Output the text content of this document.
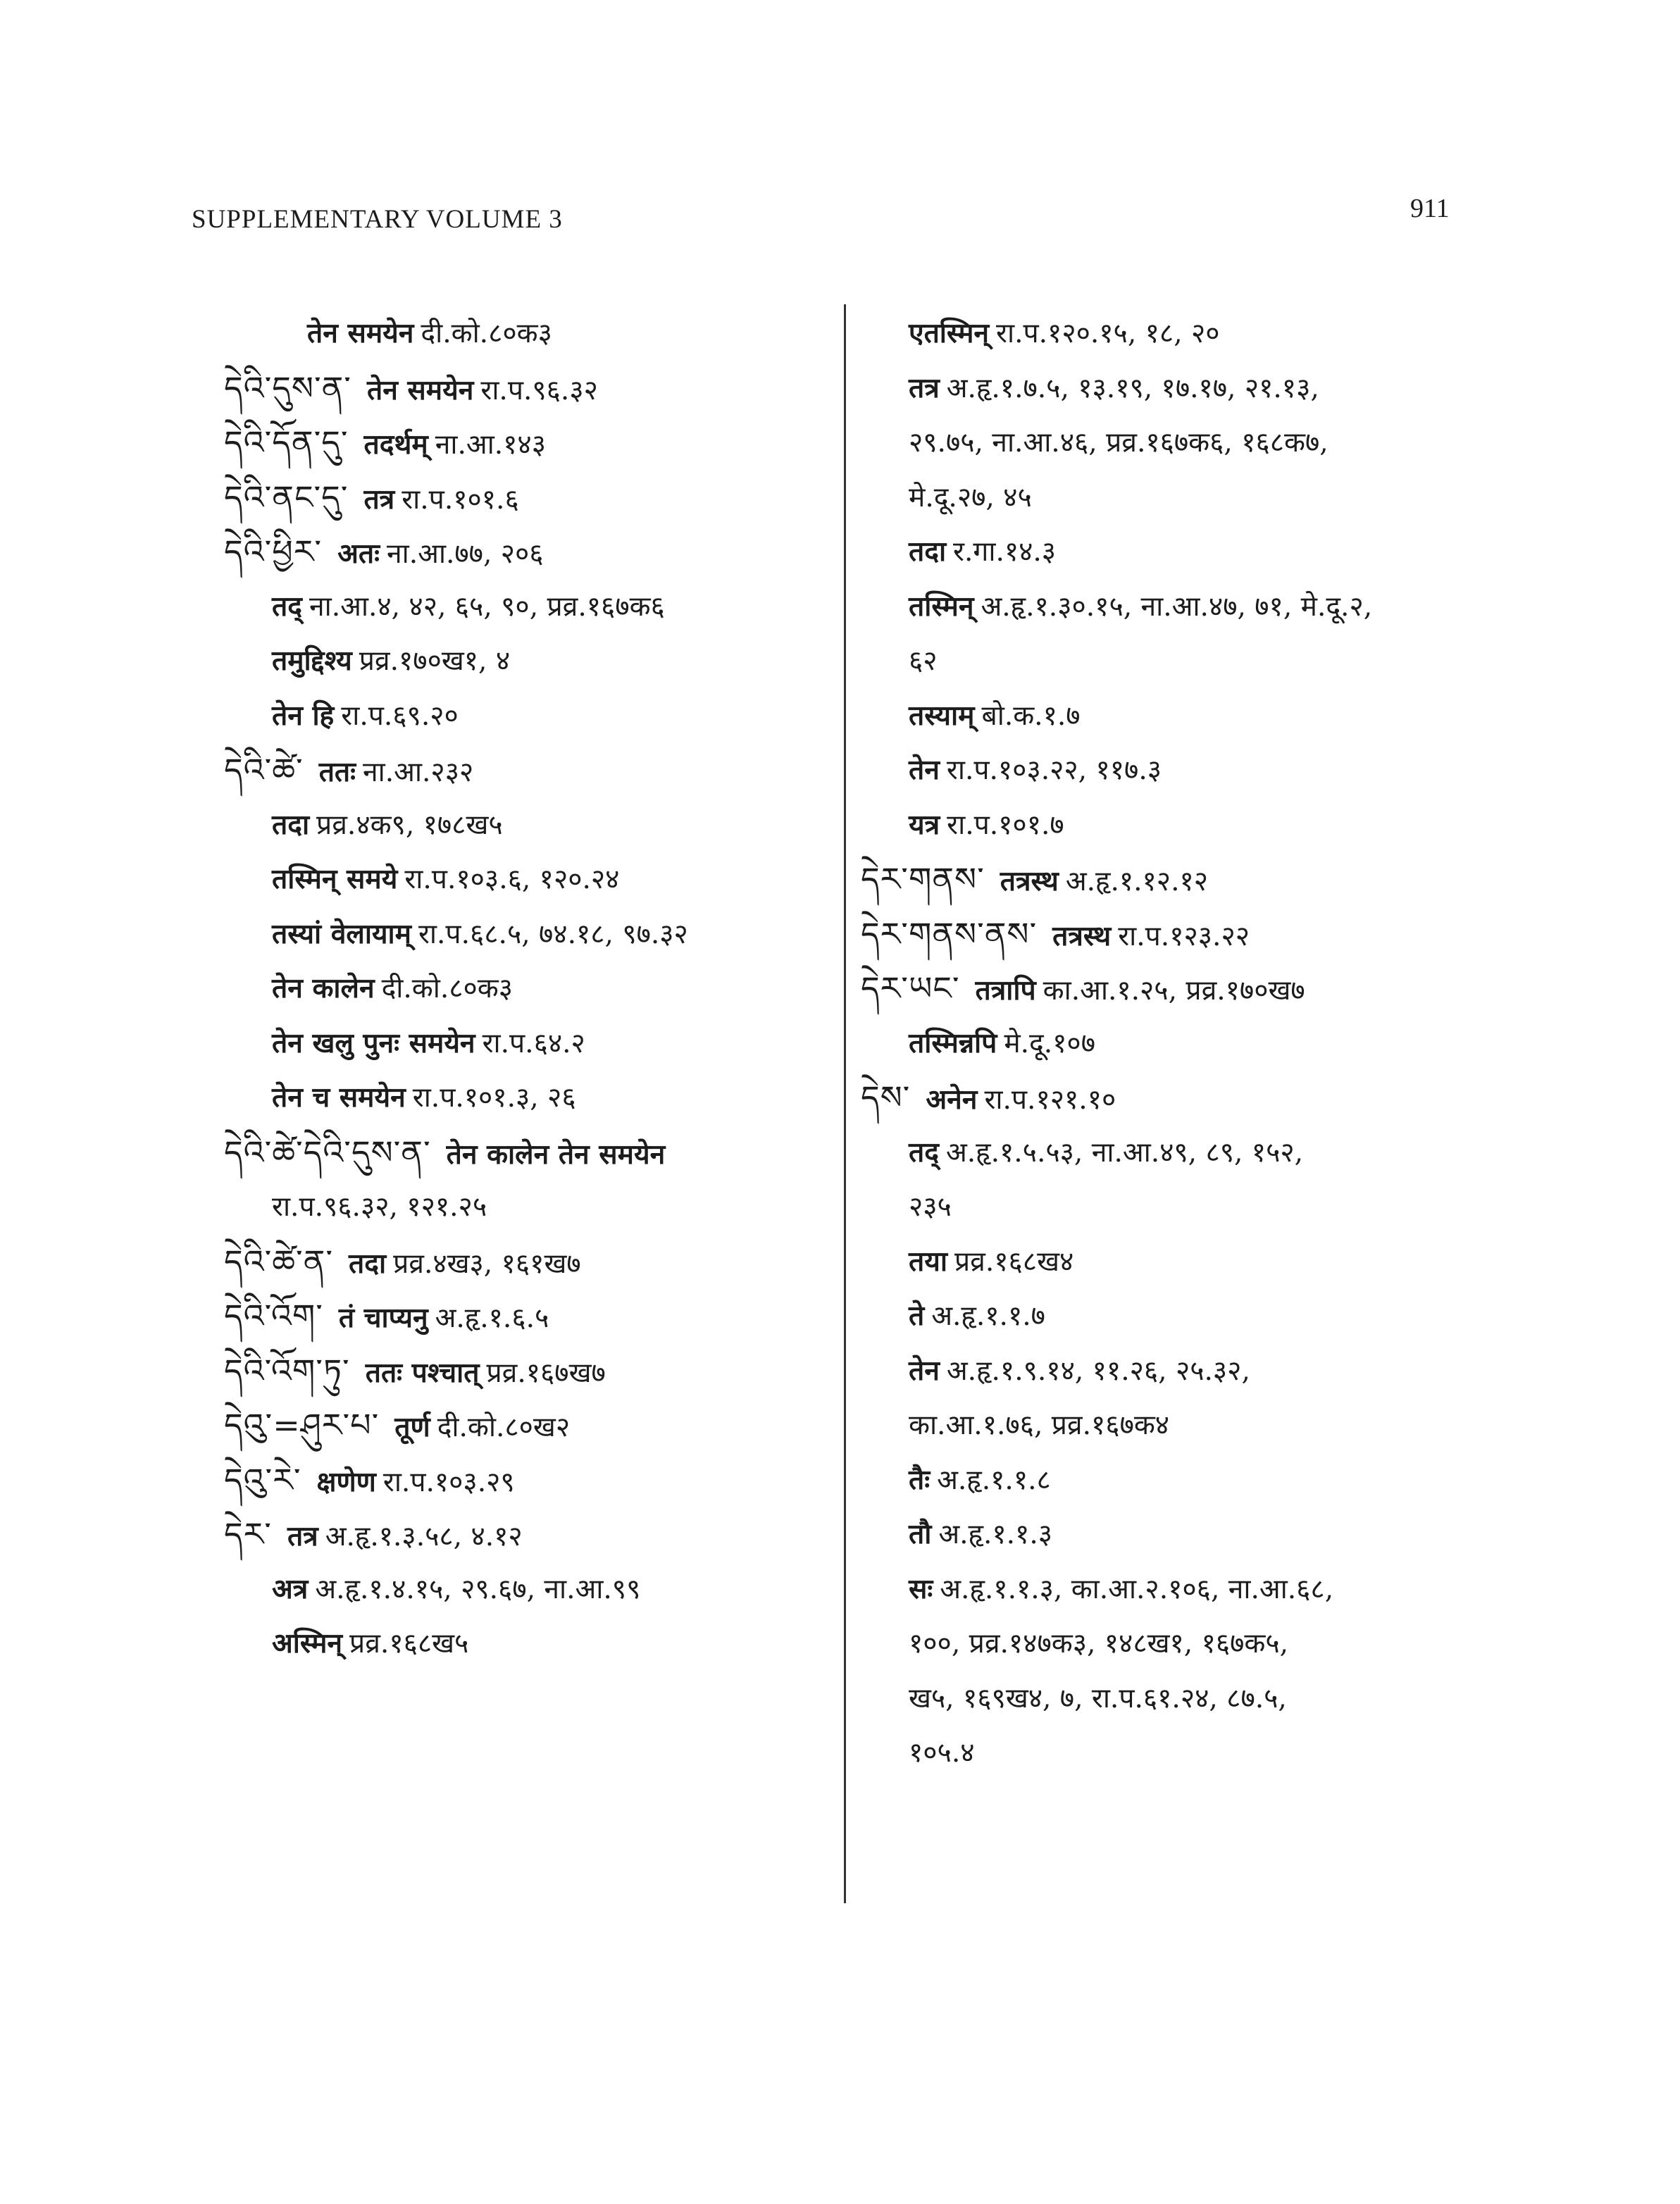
SUPPLEMENTARY VOLUME 3	911
तेन समयेन दी.को.८०क३
དེའི་དུས་ན་ तेन समयेन रा.प.९६.३२
དེའི་དོན་དུ་ तदर्थम् ना.आ.१४३
དེའི་ནང་དུ་ तत्र रा.प.१०१.६
དེའི་ཕྱིར་ अतः ना.आ.७७, २०६
तद् ना.आ.४, ४२, ६५, ९०, प्रव्र.१६७क६
तमुद्दिश्य प्रव्र.१७०ख१, ४
तेन हि रा.प.६९.२०
དེའི་ཚེ་ ततः ना.आ.२३२
तदा प्रव्र.४क९, १७८ख५
तस्मिन् समये रा.प.१०३.६, १२०.२४
तस्यां वेलायाम् रा.प.६८.५, ७४.१८, ९७.३२
तेन कालेन दी.को.८०क३
तेन खलु पुनः समयेन रा.प.६४.२
तेन च समयेन रा.प.१०१.३, २६
དེའི་ཚེ་དེའི་དུས་ན་ तेन कालेन तेन समयेन
रा.प.९६.३२, १२१.२५
དེའི་ཚེ་ན་ तदा प्रव्र.४ख३, १६१ख७
དེའི་འོག་ तं चाप्यनु अ.हृ.१.६.५
དེའི་འོག་ཏུ་ ततः पश्चात् प्रव्र.१६७ख७
དེའུ་=ཤུར་པ་ तूर्ण दी.को.८०ख२
དེའུ་རེ་ क्षणेण रा.प.१०३.२९
དེར་ तत्र अ.हृ.१.३.५८, ४.१२
अत्र अ.हृ.१.४.१५, २९.६७, ना.आ.९९
अस्मिन् प्रव्र.१६८ख५
एतस्मिन् रा.प.१२०.१५, १८, २०
तत्र अ.हृ.१.७.५, १३.१९, १७.१७, २१.१३,
२९.७५, ना.आ.४६, प्रव्र.१६७क६, १६८क७,
मे.दू.२७, ४५
तदा र.गा.१४.३
तस्मिन् अ.हृ.१.३०.१५, ना.आ.४७, ७१, मे.दू.२,
६२
तस्याम् बो.क.१.७
तेन रा.प.१०३.२२, ११७.३
यत्र रा.प.१०१.७
དེར་གནས་ तत्रस्थ अ.हृ.१.१२.१२
དེར་གནས་ནས་ तत्रस्थ रा.प.१२३.२२
དེར་ཡང་ तत्रापि का.आ.१.२५, प्रव्र.१७०ख७
तस्मिन्नपि मे.दू.१०७
དེས་ अनेन रा.प.१२१.१०
तद् अ.हृ.१.५.५३, ना.आ.४९, ८९, १५२,
२३५
तया प्रव्र.१६८ख४
ते अ.हृ.१.१.७
तेन अ.हृ.१.९.१४, ११.२६, २५.३२,
का.आ.१.७६, प्रव्र.१६७क४
तैः अ.हृ.१.१.८
तौ अ.हृ.१.१.३
सः अ.हृ.१.१.३, का.आ.२.१०६, ना.आ.६८,
१००, प्रव्र.१४७क३, १४८ख१, १६७क५,
ख५, १६९ख४, ७, रा.प.६१.२४, ८७.५,
१०५.४
